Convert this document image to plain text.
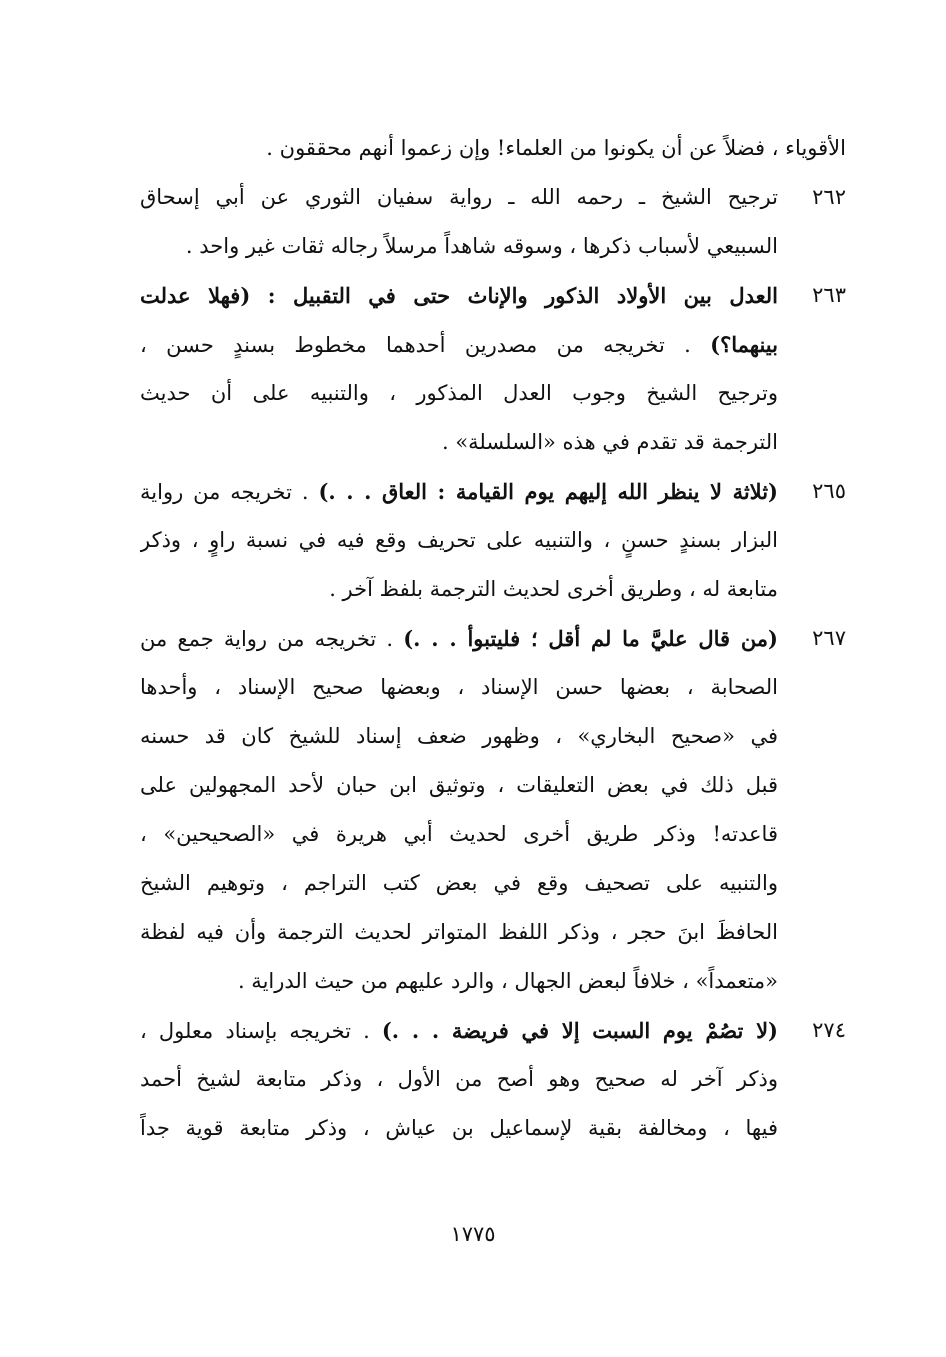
الأقوياء ، فضلاً عن أن يكونوا من العلماء! وإن زعموا أنهم محققون .
٢٦٢
ترجيح الشيخ ـ رحمه الله ـ رواية سفيان الثوري عن أبي إسحاق
السبيعي لأسباب ذكرها ، وسوقه شاهداً مرسلاً رجاله ثقات غير واحد .
٢٦٣
العدل بين الأولاد الذكور والإناث حتى في التقبيل : (فهلا عدلت
بينهما؟) . تخريجه من مصدرين أحدهما مخطوط بسندٍ حسن ،
وترجيح الشيخ وجوب العدل المذكور ، والتنبيه على أن حديث
الترجمة قد تقدم في هذه «السلسلة» .
٢٦٥
(ثلاثة لا ينظر الله إليهم يوم القيامة : العاق . . .) . تخريجه من رواية
البزار بسندٍ حسنٍ ، والتنبيه على تحريف وقع فيه في نسبة راوٍ ، وذكر
متابعة له ، وطريق أخرى لحديث الترجمة بلفظ آخر .
٢٦٧
(من قال عليَّ ما لم أقل ؛ فليتبوأ . . .) . تخريجه من رواية جمع من
الصحابة ، بعضها حسن الإسناد ، وبعضها صحيح الإسناد ، وأحدها
في «صحيح البخاري» ، وظهور ضعف إسناد للشيخ كان قد حسنه
قبل ذلك في بعض التعليقات ، وتوثيق ابن حبان لأحد المجهولين على
قاعدته! وذكر طريق أخرى لحديث أبي هريرة في «الصحيحين» ،
والتنبيه على تصحيف وقع في بعض كتب التراجم ، وتوهيم الشيخ
الحافظَ ابنَ حجر ، وذكر اللفظ المتواتر لحديث الترجمة وأن فيه لفظة
«متعمداً» ، خلافاً لبعض الجهال ، والرد عليهم من حيث الدراية .
٢٧٤
(لا تصُمْ يوم السبت إلا في فريضة . . .) . تخريجه بإسناد معلول ،
وذكر آخر له صحيح وهو أصح من الأول ، وذكر متابعة لشيخ أحمد
فيها ، ومخالفة بقية لإسماعيل بن عياش ، وذكر متابعة قوية جداً
١٧٧٥
